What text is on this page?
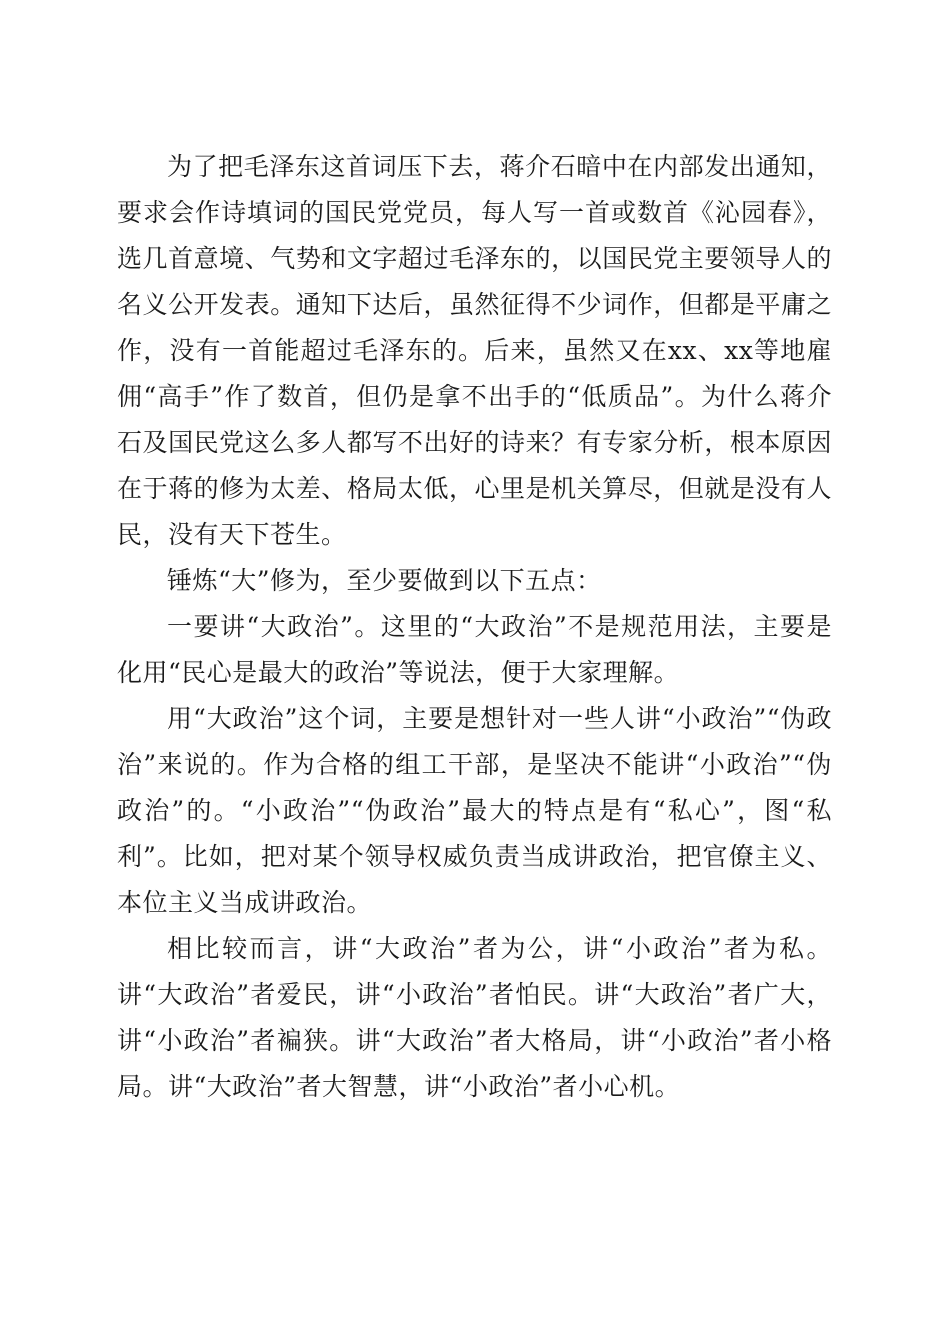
为了把毛泽东这首词压下去，蒋介石暗中在内部发出通知，要求会作诗填词的国民党党员，每人写一首或数首《沁园春》，选几首意境、气势和文字超过毛泽东的，以国民党主要领导人的名义公开发表。通知下达后，虽然征得不少词作，但都是平庸之作，没有一首能超过毛泽东的。后来，虽然又在xx、xx等地雇佣“高手”作了数首，但仍是拿不出手的“低质品”。为什么蒋介石及国民党这么多人都写不出好的诗来？有专家分析，根本原因在于蒋的修为太差、格局太低，心里是机关算尽，但就是没有人民，没有天下苍生。

锤炼“大”修为，至少要做到以下五点：

一要讲“大政治”。这里的“大政治”不是规范用法，主要是化用“民心是最大的政治”等说法，便于大家理解。

用“大政治”这个词，主要是想针对一些人讲“小政治”“伪政治”来说的。作为合格的组工干部，是坚决不能讲“小政治”“伪政治”的。“小政治”“伪政治”最大的特点是有“私心”，图“私利”。比如，把对某个领导权威负责当成讲政治，把官僚主义、本位主义当成讲政治。

相比较而言，讲“大政治”者为公，讲“小政治”者为私。讲“大政治”者爱民，讲“小政治”者怕民。讲“大政治”者广大，讲“小政治”者褊狭。讲“大政治”者大格局，讲“小政治”者小格局。讲“大政治”者大智慧，讲“小政治”者小心机。
